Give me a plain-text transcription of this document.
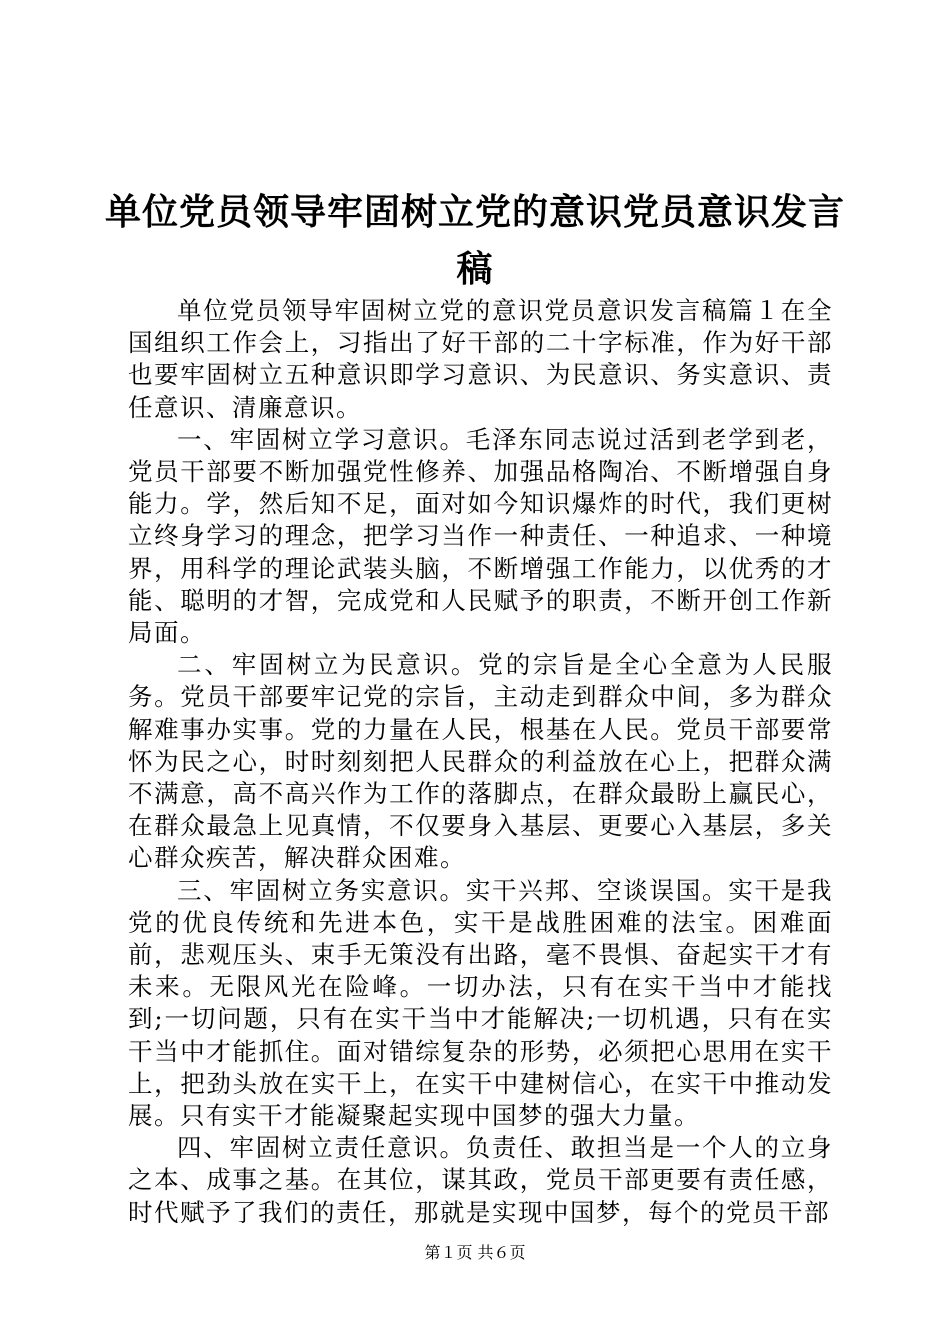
单位党员领导牢固树立党的意识党员意识发言
稿

单位党员领导牢固树立党的意识党员意识发言稿篇１在全国组织工作会上，习指出了好干部的二十字标准，作为好干部也要牢固树立五种意识即学习意识、为民意识、务实意识、责任意识、清廉意识。

一、牢固树立学习意识。毛泽东同志说过活到老学到老，党员干部要不断加强党性修养、加强品格陶冶、不断增强自身能力。学，然后知不足，面对如今知识爆炸的时代，我们更树立终身学习的理念，把学习当作一种责任、一种追求、一种境界，用科学的理论武装头脑，不断增强工作能力，以优秀的才能、聪明的才智，完成党和人民赋予的职责，不断开创工作新局面。

二、牢固树立为民意识。党的宗旨是全心全意为人民服务。党员干部要牢记党的宗旨，主动走到群众中间，多为群众解难事办实事。党的力量在人民，根基在人民。党员干部要常怀为民之心，时时刻刻把人民群众的利益放在心上，把群众满不满意，高不高兴作为工作的落脚点，在群众最盼上赢民心，在群众最急上见真情，不仅要身入基层、更要心入基层，多关心群众疾苦，解决群众困难。

三、牢固树立务实意识。实干兴邦、空谈误国。实干是我党的优良传统和先进本色，实干是战胜困难的法宝。困难面前，悲观压头、束手无策没有出路，毫不畏惧、奋起实干才有未来。无限风光在险峰。一切办法，只有在实干当中才能找到;一切问题，只有在实干当中才能解决;一切机遇，只有在实干当中才能抓住。面对错综复杂的形势，必须把心思用在实干上，把劲头放在实干上，在实干中建树信心，在实干中推动发展。只有实干才能凝聚起实现中国梦的强大力量。

四、牢固树立责任意识。负责任、敢担当是一个人的立身之本、成事之基。在其位，谋其政，党员干部更要有责任感，时代赋予了我们的责任，那就是实现中国梦，每个的党员干部

第１页 共６页
